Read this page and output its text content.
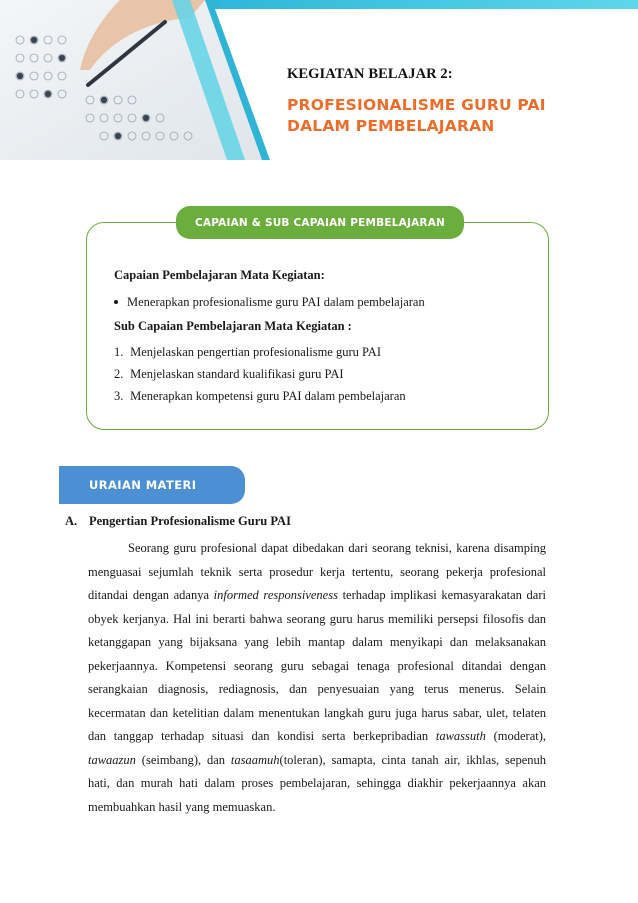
KEGIATAN BELAJAR 2:
PROFESIONALISME GURU PAI
DALAM PEMBELAJARAN
CAPAIAN & SUB CAPAIAN PEMBELAJARAN

Capaian Pembelajaran Mata Kegiatan:

Menerapkan profesionalisme guru PAI dalam pembelajaran

Sub Capaian Pembelajaran Mata Kegiatan :

1. Menjelaskan pengertian profesionalisme guru PAI
2. Menjelaskan standard kualifikasi guru PAI
3. Menerapkan kompetensi guru PAI dalam pembelajaran
URAIAN MATERI
A. Pengertian Profesionalisme Guru PAI
Seorang guru profesional dapat dibedakan dari seorang teknisi, karena disamping
menguasai sejumlah teknik serta prosedur kerja tertentu, seorang pekerja profesional
ditandai dengan adanya informed responsiveness terhadap implikasi kemasyarakatan dari
obyek kerjanya. Hal ini berarti bahwa seorang guru harus memiliki persepsi filosofis dan
ketanggapan yang bijaksana yang lebih mantap dalam menyikapi dan melaksanakan
pekerjaannya. Kompetensi seorang guru sebagai tenaga profesional ditandai dengan
serangkaian diagnosis, rediagnosis, dan penyesuaian yang terus menerus. Selain
kecermatan dan ketelitian dalam menentukan langkah guru juga harus sabar, ulet, telaten
dan tanggap terhadap situasi dan kondisi serta berkepribadian tawassuth (moderat),
tawaazun (seimbang), dan tasaamuh(toleran), samapta, cinta tanah air, ikhlas, sepenuh
hati, dan murah hati dalam proses pembelajaran, sehingga diakhir pekerjaannya akan
membuahkan hasil yang memuaskan.
